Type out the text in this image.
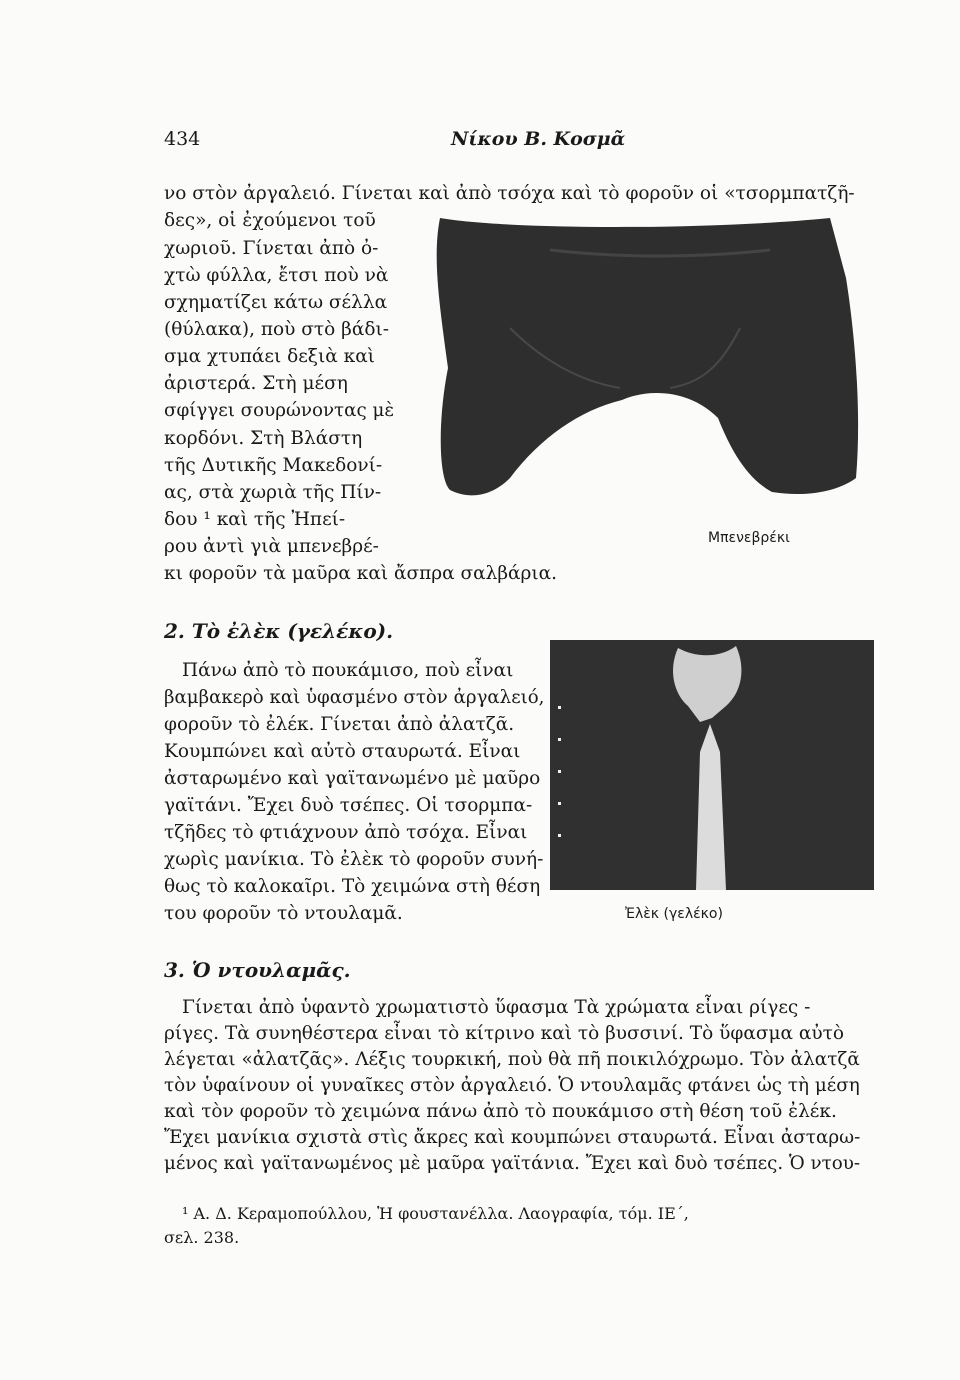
434	Νίκου Β. Κοσμᾶ
Μπενεβρέκι
Ἐλὲκ (γελέκο)
νο στὸν ἀργαλειό. Γίνεται καὶ ἀπὸ τσόχα καὶ τὸ φοροῦν οἱ «τσορμπατζῆ-
δες», οἱ ἐχούμενοι τοῦ
χωριοῦ. Γίνεται ἀπὸ ὀ-
χτὼ φύλλα, ἔτσι ποὺ νὰ
σχηματίζει κάτω σέλλα
(θύλακα), ποὺ στὸ βάδι-
σμα χτυπάει δεξιὰ καὶ
ἀριστερά. Στὴ μέση
σφίγγει σουρώνοντας μὲ
κορδόνι. Στὴ Βλάστη
τῆς Δυτικῆς Μακεδονί-
ας, στὰ χωριὰ τῆς Πίν-
δου ¹ καὶ τῆς Ἠπεί-
ρου ἀντὶ γιὰ μπενεβρέ-
κι φοροῦν τὰ μαῦρα καὶ ἄσπρα σαλβάρια.
2. Τὸ ἐλὲκ (γελέκο).
Πάνω ἀπὸ τὸ πουκάμισο, ποὺ εἶναι
βαμβακερὸ καὶ ὑφασμένο στὸν ἀργαλειό,
φοροῦν τὸ ἐλέκ. Γίνεται ἀπὸ ἀλατζᾶ.
Κουμπώνει καὶ αὐτὸ σταυρωτά. Εἶναι
ἀσταρωμένο καὶ γαϊτανωμένο μὲ μαῦρο
γαϊτάνι. Ἔχει δυὸ τσέπες. Οἱ τσορμπα-
τζῆδες τὸ φτιάχνουν ἀπὸ τσόχα. Εἶναι
χωρὶς μανίκια. Τὸ ἐλὲκ τὸ φοροῦν συνή-
θως τὸ καλοκαῖρι. Τὸ χειμώνα στὴ θέση
του φοροῦν τὸ ντουλαμᾶ.
3. Ὁ ντουλαμᾶς.
Γίνεται ἀπὸ ὑφαντὸ χρωματιστὸ ὕφασμα Τὰ χρώματα εἶναι ρίγες -
ρίγες. Τὰ συνηθέστερα εἶναι τὸ κίτρινο καὶ τὸ βυσσινί. Τὸ ὕφασμα αὐτὸ
λέγεται «ἀλατζᾶς». Λέξις τουρκική, ποὺ θὰ πῆ ποικιλόχρωμο. Τὸν ἀλατζᾶ
τὸν ὑφαίνουν οἱ γυναῖκες στὸν ἀργαλειό. Ὁ ντουλαμᾶς φτάνει ὡς τὴ μέση
καὶ τὸν φοροῦν τὸ χειμώνα πάνω ἀπὸ τὸ πουκάμισο στὴ θέση τοῦ ἐλέκ.
Ἔχει μανίκια σχιστὰ στὶς ἄκρες καὶ κουμπώνει σταυρωτά. Εἶναι ἀσταρω-
μένος καὶ γαϊτανωμένος μὲ μαῦρα γαϊτάνια. Ἔχει καὶ δυὸ τσέπες. Ὁ ντου-
¹ Α. Δ. Κεραμοπούλλου, Ἡ φουστανέλλα. Λαογραφία, τόμ. ΙΕ΄,
σελ. 238.
